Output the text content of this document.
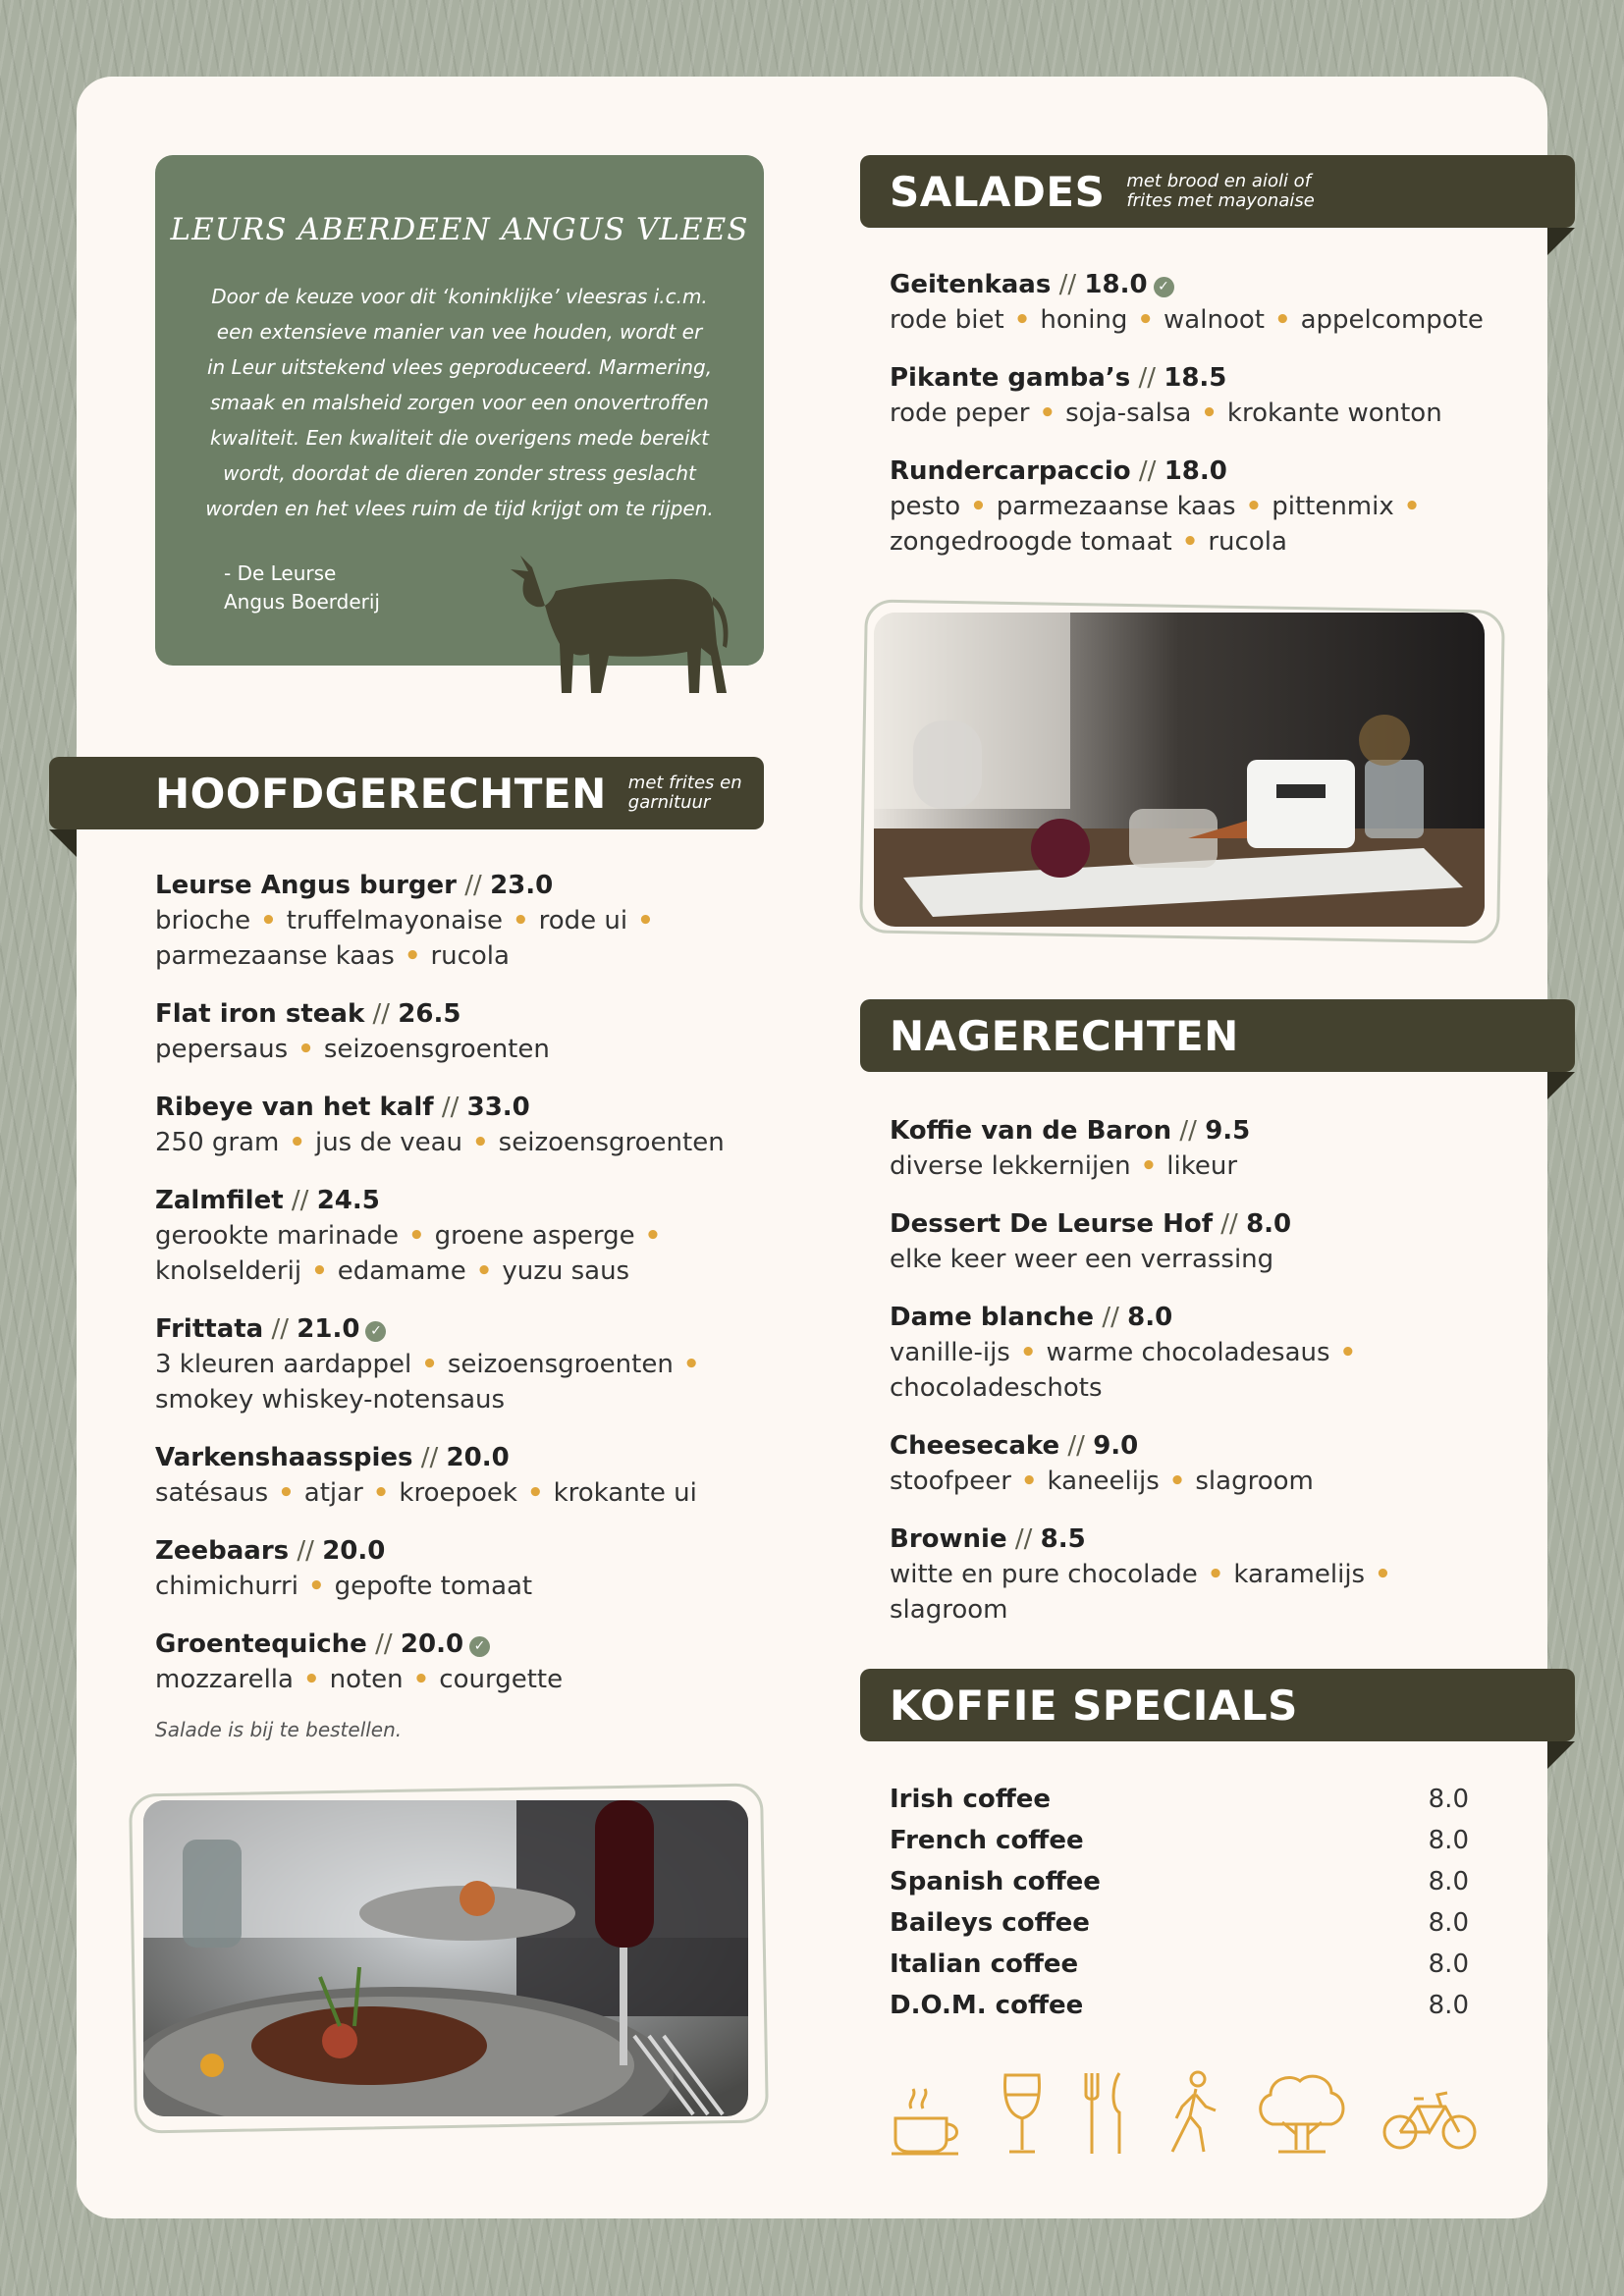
LEURS ABERDEEN ANGUS VLEES
Door de keuze voor dit ‘koninklijke’ vleesras i.c.m.
een extensieve manier van vee houden, wordt er
in Leur uitstekend vlees geproduceerd. Marmering,
smaak en malsheid zorgen voor een onovertroffen
kwaliteit. Een kwaliteit die overigens mede bereikt
wordt, doordat de dieren zonder stress geslacht
worden en het vlees ruim de tijd krijgt om te rijpen.
- De Leurse
Angus Boerderij
HOOFDGERECHTEN met frites en
garnituur
Leurse Angus burger // 23.0
brioche • truffelmayonaise • rode ui •
parmezaanse kaas • rucola
Flat iron steak // 26.5
pepersaus • seizoensgroenten
Ribeye van het kalf // 33.0
250 gram • jus de veau • seizoensgroenten
Zalmfilet // 24.5
gerookte marinade • groene asperge •
knolselderij • edamame • yuzu saus
Frittata // 21.0 ✓
3 kleuren aardappel • seizoensgroenten •
smokey whiskey-notensaus
Varkenshaasspies // 20.0
satésaus • atjar • kroepoek • krokante ui
Zeebaars // 20.0
chimichurri • gepofte tomaat
Groentequiche // 20.0 ✓
mozzarella • noten • courgette
Salade is bij te bestellen.
SALADES met brood en aioli of
frites met mayonaise
Geitenkaas // 18.0 ✓
rode biet • honing • walnoot • appelcompote
Pikante gamba’s // 18.5
rode peper • soja-salsa • krokante wonton
Rundercarpaccio // 18.0
pesto • parmezaanse kaas • pittenmix •
zongedroogde tomaat • rucola
NAGERECHTEN
Koffie van de Baron // 9.5
diverse lekkernijen • likeur
Dessert De Leurse Hof // 8.0
elke keer weer een verrassing
Dame blanche // 8.0
vanille-ijs • warme chocoladesaus •
chocoladeschots
Cheesecake // 9.0
stoofpeer • kaneelijs • slagroom
Brownie // 8.5
witte en pure chocolade • karamelijs •
slagroom
KOFFIE SPECIALS
Irish coffee	8.0
French coffee	8.0
Spanish coffee	8.0
Baileys coffee	8.0
Italian coffee	8.0
D.O.M. coffee	8.0
